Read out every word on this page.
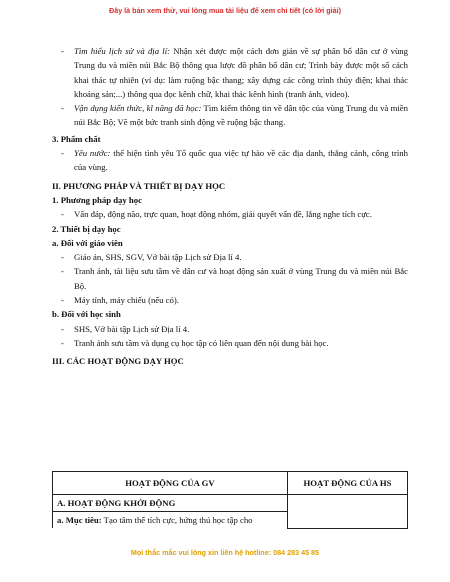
Đây là bản xem thử, vui lòng mua tài liệu để xem chi tiết (có lời giải)
- Tìm hiểu lịch sử và địa lí: Nhận xét được một cách đơn giản về sự phân bố dân cư ở vùng Trung du và miền núi Bắc Bộ thông qua lược đồ phân bố dân cư; Trình bày được một số cách khai thác tự nhiên (ví dụ: làm ruộng bậc thang; xây dựng các công trình thủy điện; khai thác khoáng sản;...) thông qua đọc kênh chữ, khai thác kênh hình (tranh ảnh, video).
- Vận dụng kiến thức, kĩ năng đã học: Tìm kiếm thông tin về dân tộc của vùng Trung du và miền núi Bắc Bộ; Vẽ một bức tranh sinh động về ruộng bậc thang.
3. Phẩm chất
- Yêu nước: thể hiện tình yêu Tổ quốc qua việc tự hào về các địa danh, thắng cảnh, công trình của vùng.
II. PHƯƠNG PHÁP VÀ THIẾT BỊ DẠY HỌC
1. Phương pháp dạy học
- Vấn đáp, động não, trực quan, hoạt động nhóm, giải quyết vấn đề, lắng nghe tích cực.
2. Thiết bị dạy học
a. Đối với giáo viên
- Giáo án, SHS, SGV, Vở bài tập Lịch sử Địa lí 4.
- Tranh ảnh, tài liệu sưu tầm về dân cư và hoạt động sản xuất ở vùng Trung du và miền núi Bắc Bộ.
- Máy tính, máy chiếu (nếu có).
b. Đối với học sinh
- SHS, Vở bài tập Lịch sử Địa lí 4.
- Tranh ảnh sưu tầm và dụng cụ học tập có liên quan đến nội dung bài học.
III. CÁC HOẠT ĐỘNG DẠY HỌC
HOẠT ĐỘNG CỦA GV	HOẠT ĐỘNG CỦA HS

A. HOẠT ĐỘNG KHỞI ĐỘNG	

a. Mục tiêu: Tạo tâm thế tích cực, hứng thú học tập cho	
Mọi thắc mắc vui lòng xin liên hệ hotline: 084 283 45 85
